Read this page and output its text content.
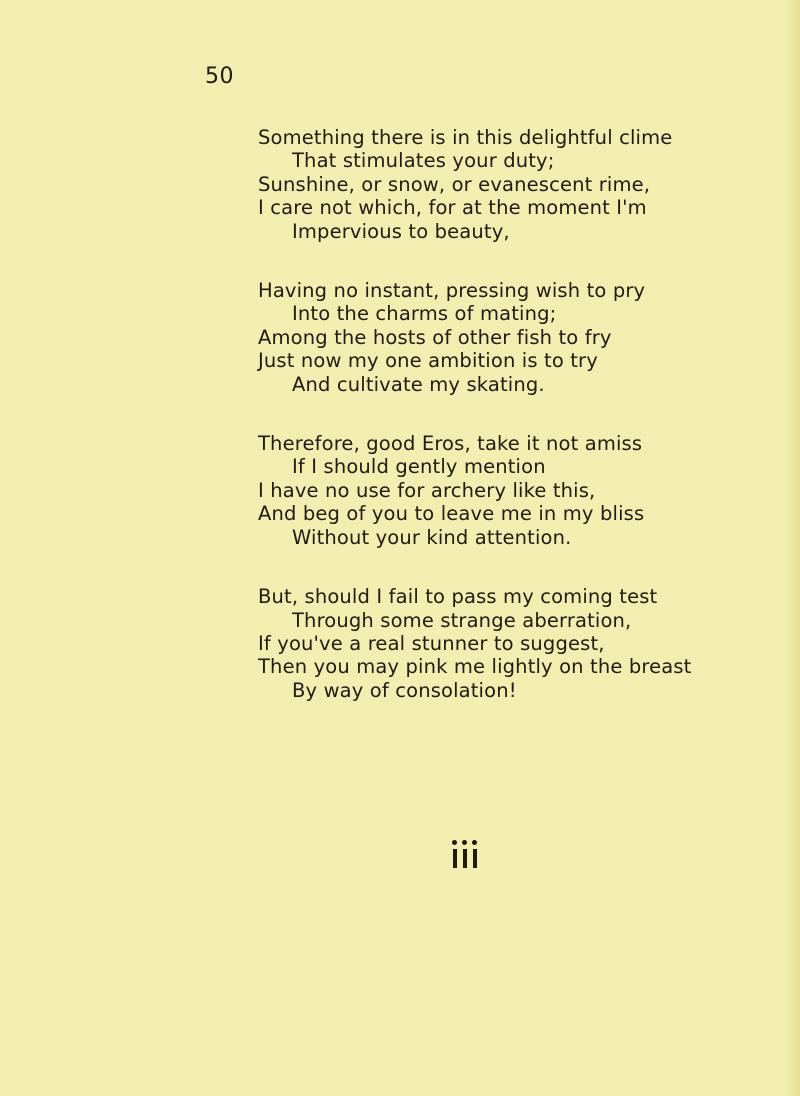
50
Something there is in this delightful clime
That stimulates your duty;
Sunshine, or snow, or evanescent rime,
I care not which, for at the moment I'm
Impervious to beauty,
Having no instant, pressing wish to pry
Into the charms of mating;
Among the hosts of other fish to fry
Just now my one ambition is to try
And cultivate my skating.
Therefore, good Eros, take it not amiss
If I should gently mention
I have no use for archery like this,
And beg of you to leave me in my bliss
Without your kind attention.
But, should I fail to pass my coming test
Through some strange aberration,
If you've a real stunner to suggest,
Then you may pink me lightly on the breast
By way of consolation!
